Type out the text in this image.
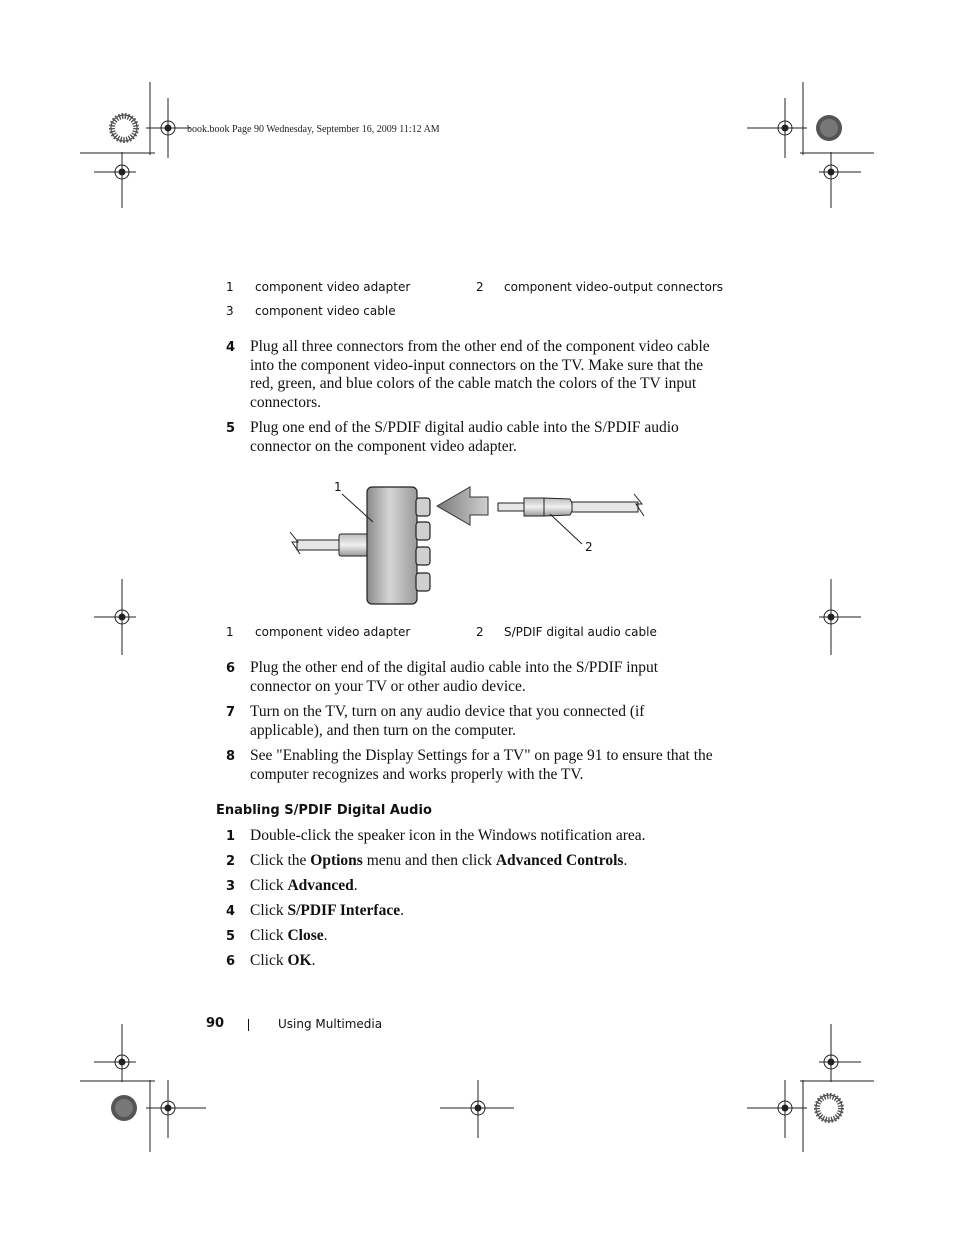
book.book Page 90 Wednesday, September 16, 2009 11:12 AM
1 component video adapter	2 component video-output connectors
3 component video cable
4 Plug all three connectors from the other end of the component video cable
into the component video-input connectors on the TV. Make sure that the
red, green, and blue colors of the cable match the colors of the TV input
connectors.
5 Plug one end of the S/PDIF digital audio cable into the S/PDIF audio
connector on the component video adapter.
1
2
1 component video adapter	2 S/PDIF digital audio cable
6 Plug the other end of the digital audio cable into the S/PDIF input
connector on your TV or other audio device.
7 Turn on the TV, turn on any audio device that you connected (if
applicable), and then turn on the computer.
8 See "Enabling the Display Settings for a TV" on page 91 to ensure that the
computer recognizes and works properly with the TV.
Enabling S/PDIF Digital Audio
1 Double-click the speaker icon in the Windows notification area.
2 Click the Options menu and then click Advanced Controls.
3 Click Advanced.
4 Click S/PDIF Interface.
5 Click Close.
6 Click OK.
90	Using Multimedia
